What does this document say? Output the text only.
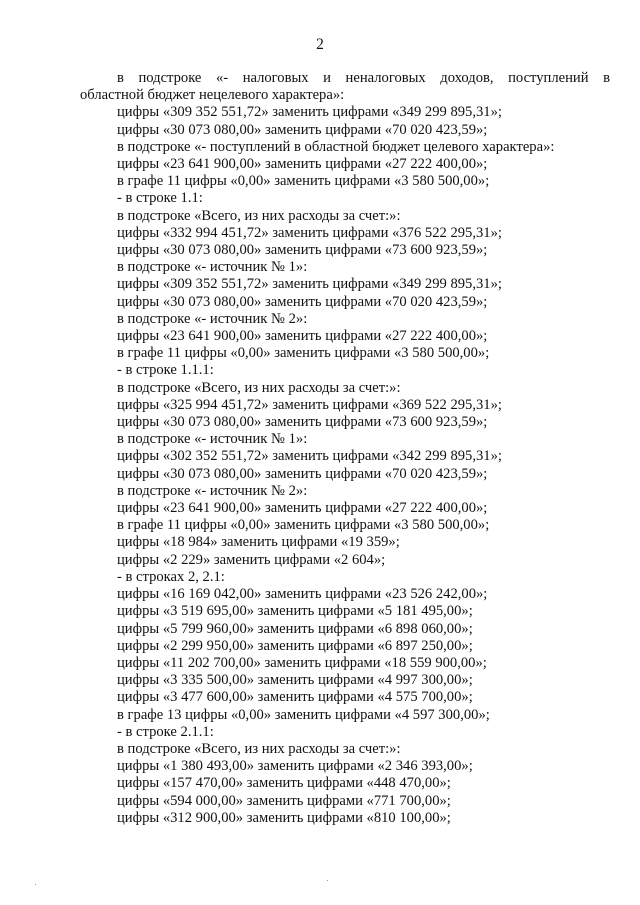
2

в подстроке «- налоговых и неналоговых доходов, поступлений в

областной бюджет нецелевого характера»:

цифры «309 352 551,72» заменить цифрами «349 299 895,31»;

цифры «30 073 080,00» заменить цифрами «70 020 423,59»;

в подстроке «- поступлений в областной бюджет целевого характера»:

цифры «23 641 900,00» заменить цифрами «27 222 400,00»;

в графе 11 цифры «0,00» заменить цифрами «3 580 500,00»;

- в строке 1.1:

в подстроке «Всего, из них расходы за счет:»:

цифры «332 994 451,72» заменить цифрами «376 522 295,31»;

цифры «30 073 080,00» заменить цифрами «73 600 923,59»;

в подстроке «- источник № 1»:

цифры «309 352 551,72» заменить цифрами «349 299 895,31»;

цифры «30 073 080,00» заменить цифрами «70 020 423,59»;

в подстроке «- источник № 2»:

цифры «23 641 900,00» заменить цифрами «27 222 400,00»;

в графе 11 цифры «0,00» заменить цифрами «3 580 500,00»;

- в строке 1.1.1:

в подстроке «Всего, из них расходы за счет:»:

цифры «325 994 451,72» заменить цифрами «369 522 295,31»;

цифры «30 073 080,00» заменить цифрами «73 600 923,59»;

в подстроке «- источник № 1»:

цифры «302 352 551,72» заменить цифрами «342 299 895,31»;

цифры «30 073 080,00» заменить цифрами «70 020 423,59»;

в подстроке «- источник № 2»:

цифры «23 641 900,00» заменить цифрами «27 222 400,00»;

в графе 11 цифры «0,00» заменить цифрами «3 580 500,00»;

цифры «18 984» заменить цифрами «19 359»;

цифры «2 229» заменить цифрами «2 604»;

- в строках 2, 2.1:

цифры «16 169 042,00» заменить цифрами «23 526 242,00»;

цифры «3 519 695,00» заменить цифрами «5 181 495,00»;

цифры «5 799 960,00» заменить цифрами «6 898 060,00»;

цифры «2 299 950,00» заменить цифрами «6 897 250,00»;

цифры «11 202 700,00» заменить цифрами «18 559 900,00»;

цифры «3 335 500,00» заменить цифрами «4 997 300,00»;

цифры «3 477 600,00» заменить цифрами «4 575 700,00»;

в графе 13 цифры «0,00» заменить цифрами «4 597 300,00»;

- в строке 2.1.1:

в подстроке «Всего, из них расходы за счет:»:

цифры «1 380 493,00» заменить цифрами «2 346 393,00»;

цифры «157 470,00» заменить цифрами «448 470,00»;

цифры «594 000,00» заменить цифрами «771 700,00»;

цифры «312 900,00» заменить цифрами «810 100,00»;
